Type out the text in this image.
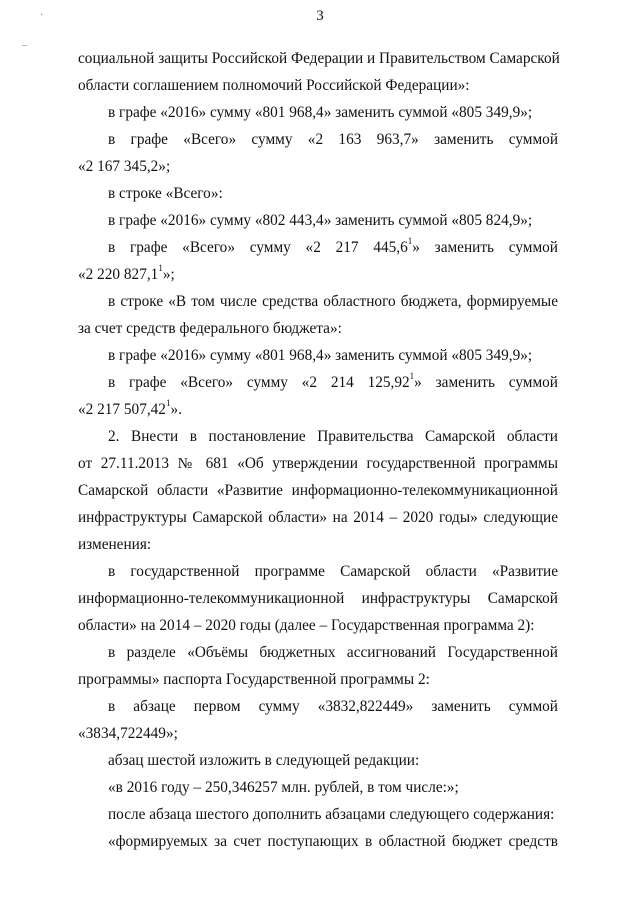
·
–
3
социальной защиты Российской Федерации и Правительством Самарской
области соглашением полномочий Российской Федерации»:
в графе «2016» сумму «801 968,4» заменить суммой «805 349,9»;
в графе «Всего» сумму «2 163 963,7» заменить суммой
«2 167 345,2»;
в строке «Всего»:
в графе «2016» сумму «802 443,4» заменить суммой «805 824,9»;
в графе «Всего» сумму «2 217 445,6$^1$» заменить суммой
«2 220 827,1$^1$»;
в строке «В том числе средства областного бюджета, формируемые
за счет средств федерального бюджета»:
в графе «2016» сумму «801 968,4» заменить суммой «805 349,9»;
в графе «Всего» сумму «2 214 125,92$^1$» заменить суммой
«2 217 507,42$^1$».
2. Внести в постановление Правительства Самарской области
от 27.11.2013 № 681 «Об утверждении государственной программы
Самарской области «Развитие информационно-телекоммуникационной
инфраструктуры Самарской области» на 2014 – 2020 годы» следующие
изменения:
в государственной программе Самарской области «Развитие
информационно-телекоммуникационной инфраструктуры Самарской
области» на 2014 – 2020 годы (далее – Государственная программа 2):
в разделе «Объёмы бюджетных ассигнований Государственной
программы» паспорта Государственной программы 2:
в абзаце первом сумму «3832,822449» заменить суммой
«3834,722449»;
абзац шестой изложить в следующей редакции:
«в 2016 году – 250,346257 млн. рублей, в том числе:»;
после абзаца шестого дополнить абзацами следующего содержания:
«формируемых за счет поступающих в областной бюджет средств
